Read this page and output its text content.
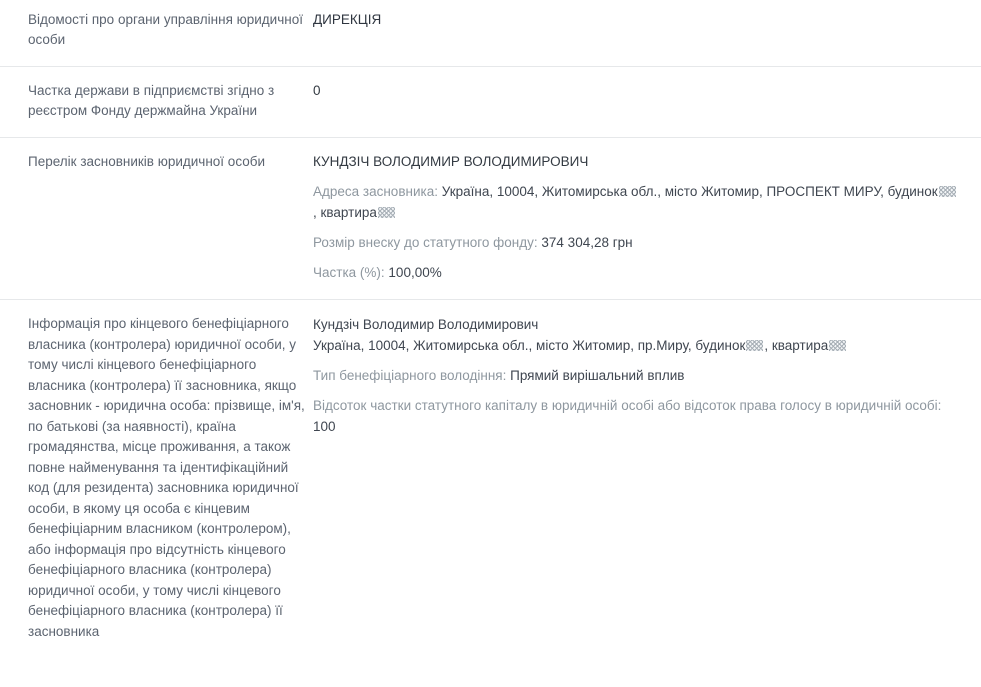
Відомості про органи управління юридичної особи
ДИРЕКЦІЯ
Частка держави в підприємстві згідно з реєстром Фонду держмайна України
0
Перелік засновників юридичної особи	КУНДЗІЧ ВОЛОДИМИР ВОЛОДИМИРОВИЧ
Адреса засновника: Україна, 10004, Житомирська обл., місто Житомир, ПРОСПЕКТ МИРУ, будинок, квартира
Розмір внеску до статутного фонду: 374 304,28 грн
Частка (%): 100,00%
Інформація про кінцевого бенефіціарного власника (контролера) юридичної особи, у тому числі кінцевого бенефіціарного власника (контролера) її засновника, якщо засновник - юридична особа: прізвище, ім'я, по батькові (за наявності), країна громадянства, місце проживання, а також повне найменування та ідентифікаційний код (для резидента) засновника юридичної особи, в якому ця особа є кінцевим бенефіціарним власником (контролером), або інформація про відсутність кінцевого бенефіціарного власника (контролера) юридичної особи, у тому числі кінцевого бенефіціарного власника (контролера) її засновника
Кундзіч Володимир Володимирович
Україна, 10004, Житомирська обл., місто Житомир, пр.Миру, будинок , квартира
Тип бенефіціарного володіння: Прямий вирішальний вплив
Відсоток частки статутного капіталу в юридичній особі або відсоток права голосу в юридичній особі: 100
